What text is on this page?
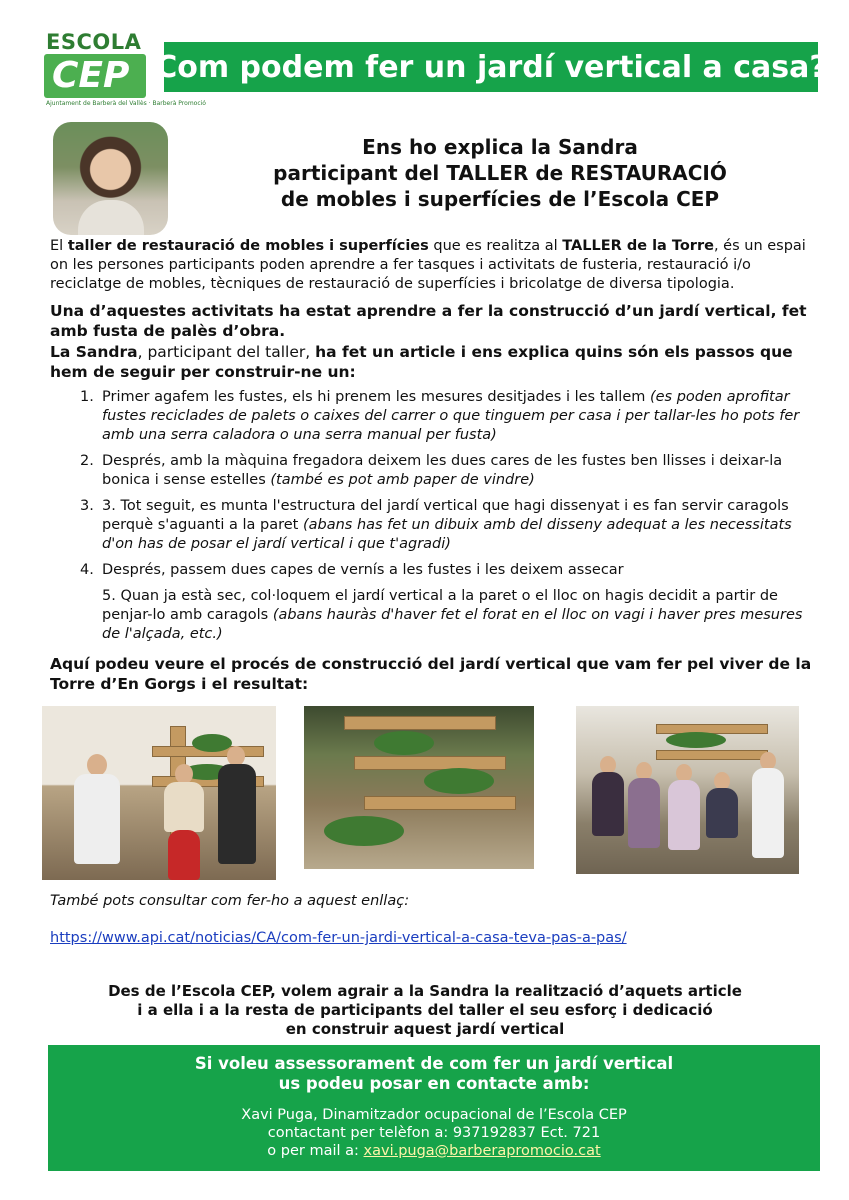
ESCOLA
CEP
Ajuntament de Barberà del Vallès · Barberà Promoció
Com podem fer un jardí vertical a casa?
Ens ho explica la Sandra
participant del TALLER de RESTAURACIÓ
de mobles i superfícies de l’Escola CEP
El taller de restauració de mobles i superfícies que es realitza al TALLER de la Torre, és un espai on les persones participants poden aprendre a fer tasques i activitats de fusteria, restauració i/o reciclatge de mobles, tècniques de restauració de superfícies i bricolatge de diversa tipologia.
Una d’aquestes activitats ha estat aprendre a fer la construcció d’un jardí vertical, fet amb fusta de palès d’obra.
La Sandra, participant del taller, ha fet un article i ens explica quins són els passos que hem de seguir per construir-ne un:
1. Primer agafem les fustes, els hi prenem les mesures desitjades i les tallem (es poden aprofitar fustes reciclades de palets o caixes del carrer o que tinguem per casa i per tallar-les ho pots fer amb una serra caladora o una serra manual per fusta)
2. Després, amb la màquina fregadora deixem les dues cares de les fustes ben llisses i deixar-la bonica i sense estelles (també es pot amb paper de vindre)
3. 3. Tot seguit, es munta l'estructura del jardí vertical que hagi dissenyat i es fan servir caragols perquè s'aguanti a la paret (abans has fet un dibuix amb del disseny adequat a les necessitats d'on has de posar el jardí vertical i que t'agradi)
4. Després, passem dues capes de vernís a les fustes i les deixem assecar
5. Quan ja està sec, col·loquem el jardí vertical a la paret o el lloc on hagis decidit a partir de penjar-lo amb caragols (abans hauràs d'haver fet el forat en el lloc on vagi i haver pres mesures de l'alçada, etc.)
Aquí podeu veure el procés de construcció del jardí vertical que vam fer pel viver de la Torre d’En Gorgs i el resultat:
També pots consultar com fer-ho a aquest enllaç:
https://www.api.cat/noticias/CA/com-fer-un-jardi-vertical-a-casa-teva-pas-a-pas/
Des de l’Escola CEP, volem agrair a la Sandra la realització d’aquets article
i a ella i a la resta de participants del taller el seu esforç i dedicació
en construir aquest jardí vertical
Si voleu assessorament de com fer un jardí vertical
us podeu posar en contacte amb:
Xavi Puga, Dinamitzador ocupacional de l’Escola CEP
contactant per telèfon a: 937192837 Ect. 721
o per mail a: xavi.puga@barberapromocio.cat
